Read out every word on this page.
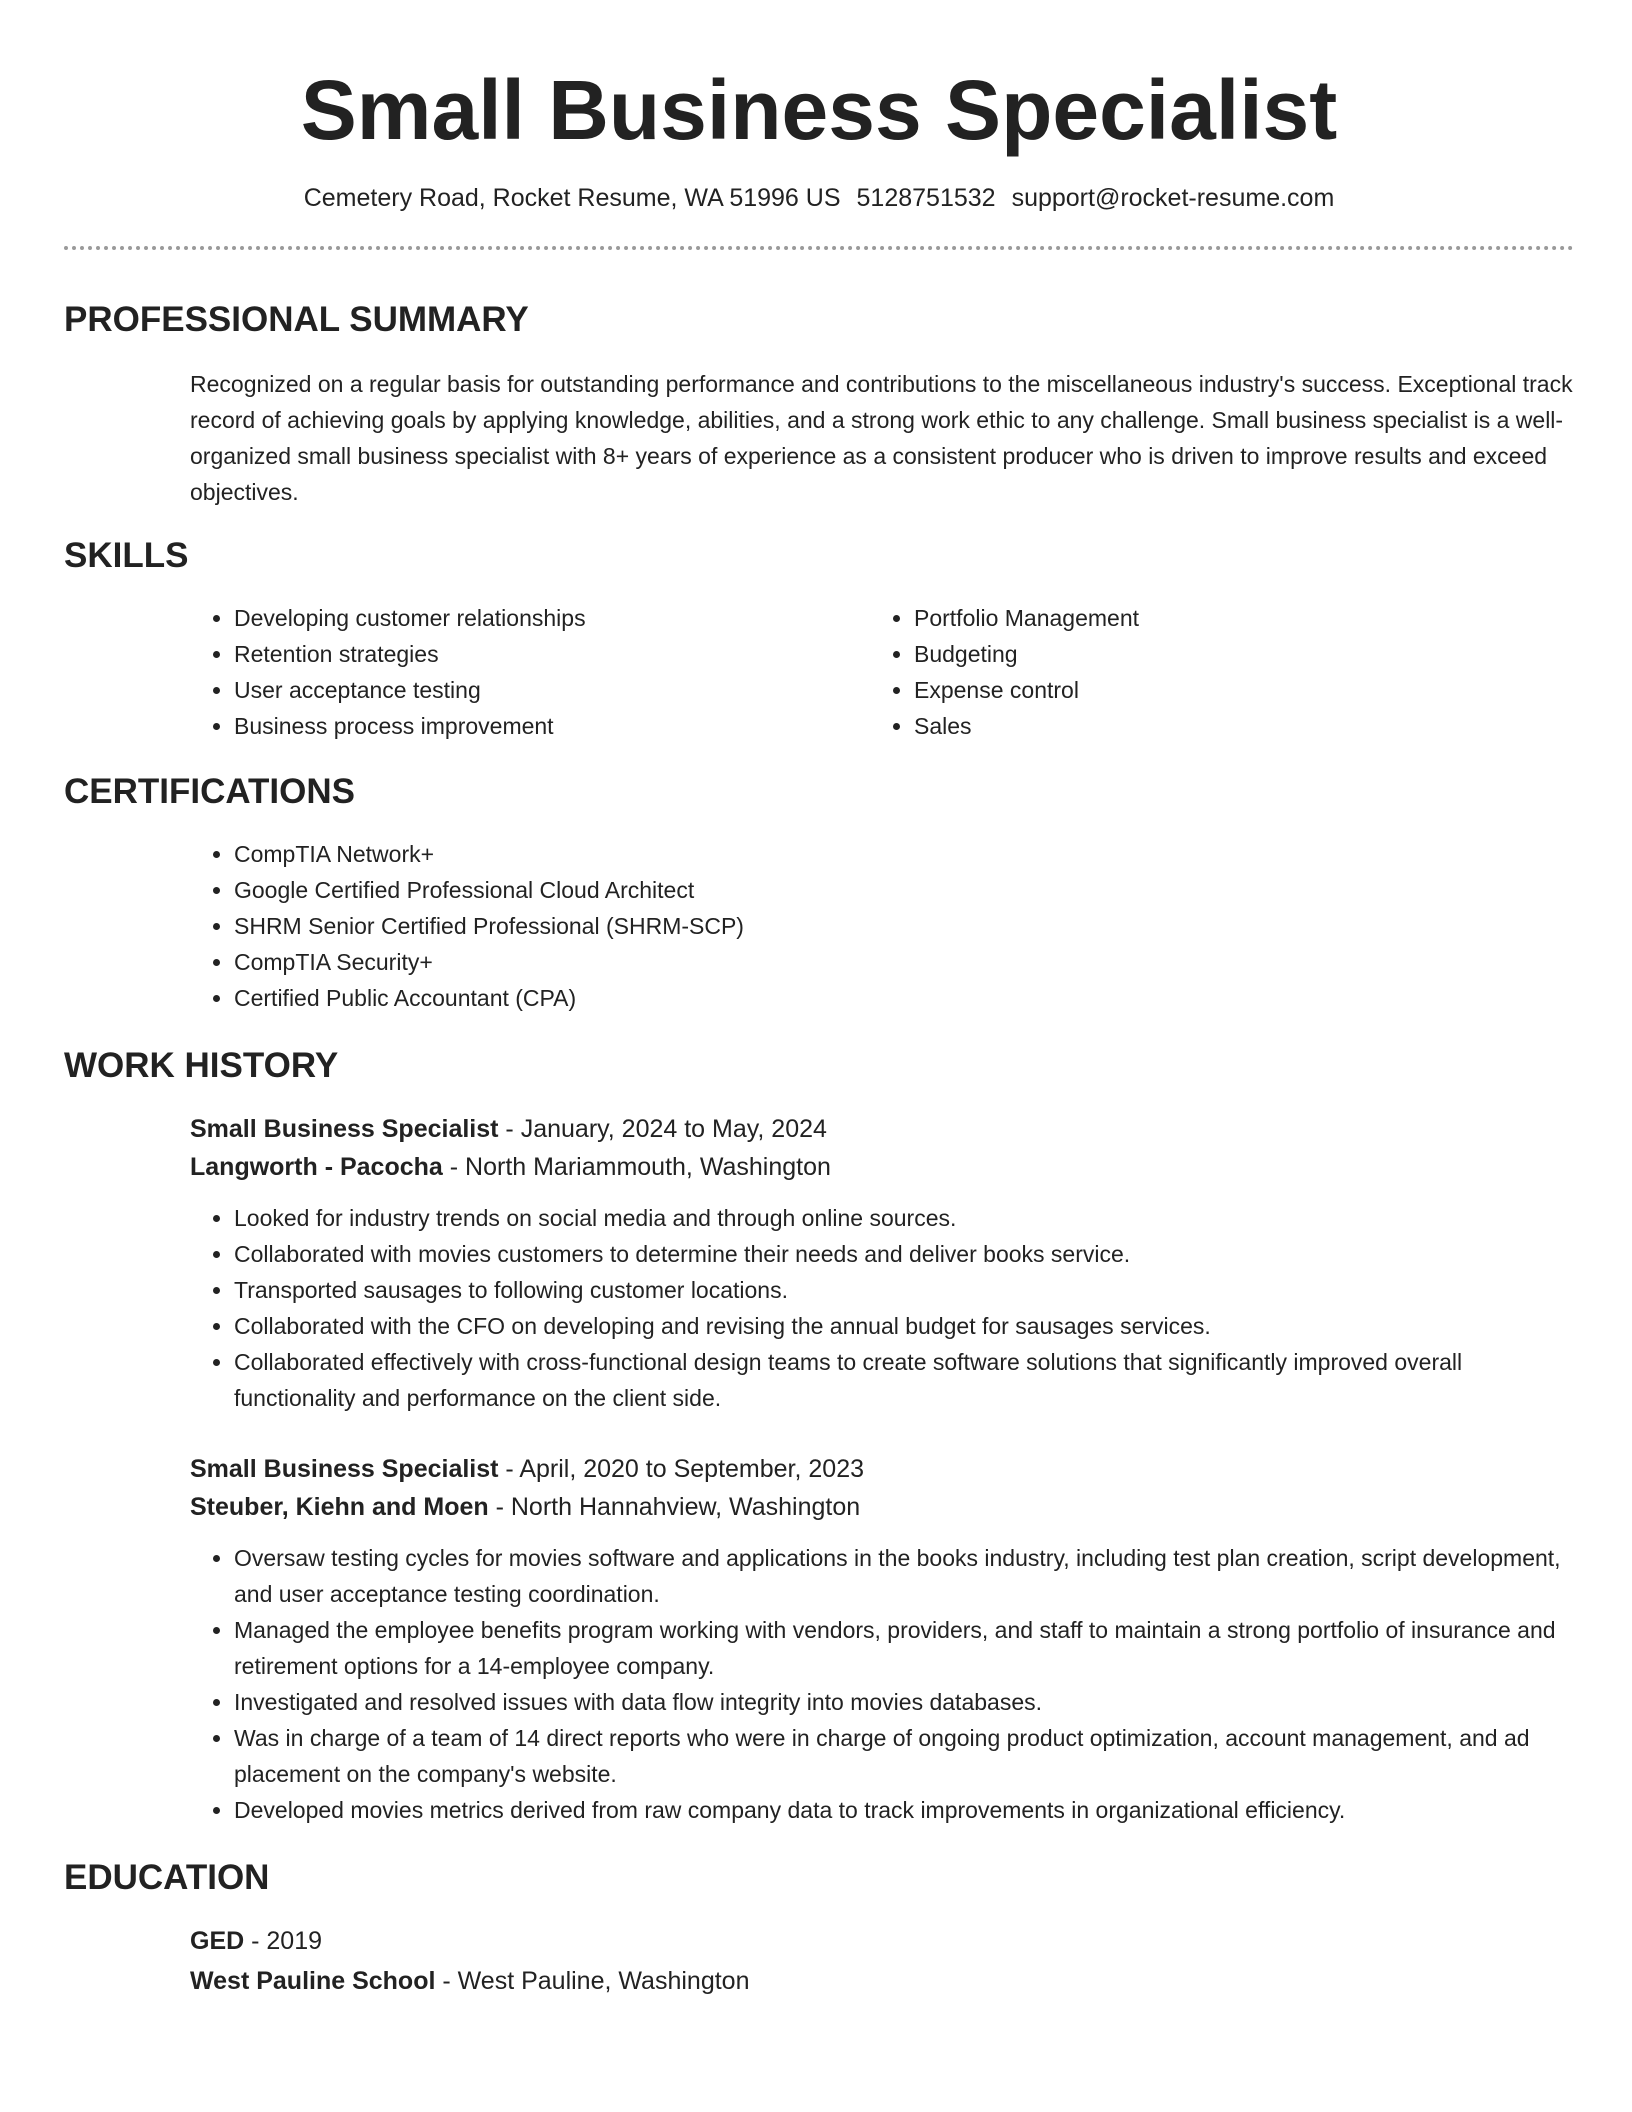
Small Business Specialist
Cemetery Road, Rocket Resume, WA 51996 US 5128751532 support@rocket-resume.com
PROFESSIONAL SUMMARY

Recognized on a regular basis for outstanding performance and contributions to the miscellaneous industry's success. Exceptional track record of achieving goals by applying knowledge, abilities, and a strong work ethic to any challenge. Small business specialist is a well-organized small business specialist with 8+ years of experience as a consistent producer who is driven to improve results and exceed objectives.

SKILLS
• Developing customer relationships
• Retention strategies
• User acceptance testing
• Business process improvement
• Portfolio Management
• Budgeting
• Expense control
• Sales
CERTIFICATIONS
• CompTIA Network+
• Google Certified Professional Cloud Architect
• SHRM Senior Certified Professional (SHRM-SCP)
• CompTIA Security+
• Certified Public Accountant (CPA)
WORK HISTORY
Small Business Specialist - January, 2024 to May, 2024
Langworth - Pacocha - North Mariammouth, Washington
• Looked for industry trends on social media and through online sources.
• Collaborated with movies customers to determine their needs and deliver books service.
• Transported sausages to following customer locations.
• Collaborated with the CFO on developing and revising the annual budget for sausages services.
• Collaborated effectively with cross-functional design teams to create software solutions that significantly improved overall functionality and performance on the client side.
Small Business Specialist - April, 2020 to September, 2023
Steuber, Kiehn and Moen - North Hannahview, Washington
• Oversaw testing cycles for movies software and applications in the books industry, including test plan creation, script development, and user acceptance testing coordination.
• Managed the employee benefits program working with vendors, providers, and staff to maintain a strong portfolio of insurance and retirement options for a 14-employee company.
• Investigated and resolved issues with data flow integrity into movies databases.
• Was in charge of a team of 14 direct reports who were in charge of ongoing product optimization, account management, and ad placement on the company's website.
• Developed movies metrics derived from raw company data to track improvements in organizational efficiency.
EDUCATION
GED - 2019
West Pauline School - West Pauline, Washington
